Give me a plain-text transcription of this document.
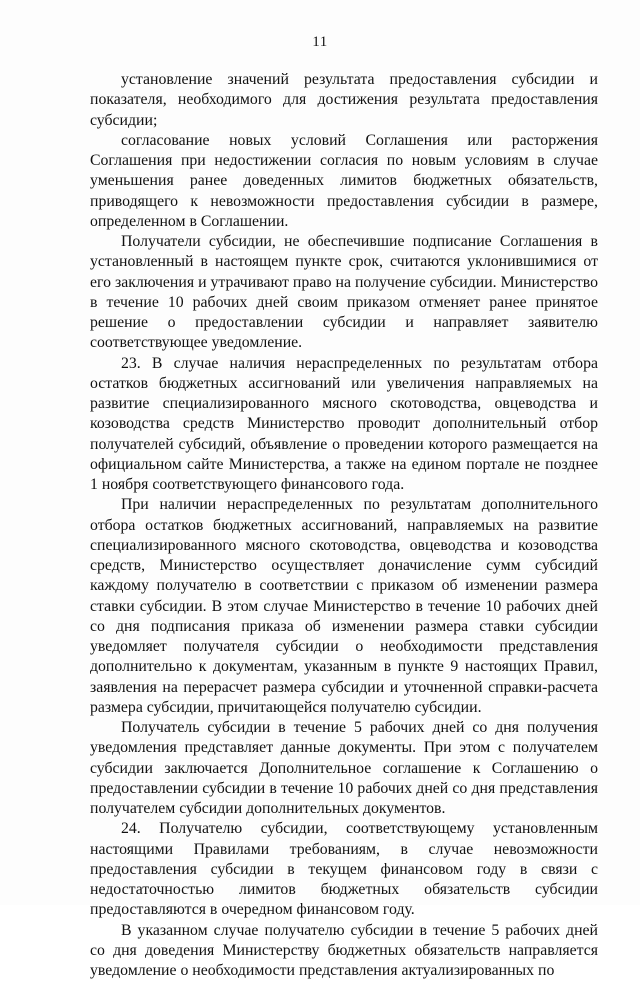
11

установление значений результата предоставления субсидии и показателя, необходимого для достижения результата предоставления субсидии;

согласование новых условий Соглашения или расторжения Соглашения при недостижении согласия по новым условиям в случае уменьшения ранее доведенных лимитов бюджетных обязательств, приводящего к невозможности предоставления субсидии в размере, определенном в Соглашении.

Получатели субсидии, не обеспечившие подписание Соглашения в установленный в настоящем пункте срок, считаются уклонившимися от его заключения и утрачивают право на получение субсидии. Министерство в течение 10 рабочих дней своим приказом отменяет ранее принятое решение о предоставлении субсидии и направляет заявителю соответствующее уведомление.

23. В случае наличия нераспределенных по результатам отбора остатков бюджетных ассигнований или увеличения направляемых на развитие специализированного мясного скотоводства, овцеводства и козоводства средств Министерство проводит дополнительный отбор получателей субсидий, объявление о проведении которого размещается на официальном сайте Министерства, а также на едином портале не позднее 1 ноября соответствующего финансового года.

При наличии нераспределенных по результатам дополнительного отбора остатков бюджетных ассигнований, направляемых на развитие специализированного мясного скотоводства, овцеводства и козоводства средств, Министерство осуществляет доначисление сумм субсидий каждому получателю в соответствии с приказом об изменении размера ставки субсидии. В этом случае Министерство в течение 10 рабочих дней со дня подписания приказа об изменении размера ставки субсидии уведомляет получателя субсидии о необходимости представления дополнительно к документам, указанным в пункте 9 настоящих Правил, заявления на перерасчет размера субсидии и уточненной справки-расчета размера субсидии, причитающейся получателю субсидии.

Получатель субсидии в течение 5 рабочих дней со дня получения уведомления представляет данные документы. При этом с получателем субсидии заключается Дополнительное соглашение к Соглашению о предоставлении субсидии в течение 10 рабочих дней со дня представления получателем субсидии дополнительных документов.

24. Получателю субсидии, соответствующему установленным настоящими Правилами требованиям, в случае невозможности предоставления субсидии в текущем финансовом году в связи с недостаточностью лимитов бюджетных обязательств субсидии предоставляются в очередном финансовом году.

В указанном случае получателю субсидии в течение 5 рабочих дней со дня доведения Министерству бюджетных обязательств направляется уведомление о необходимости представления актуализированных по
